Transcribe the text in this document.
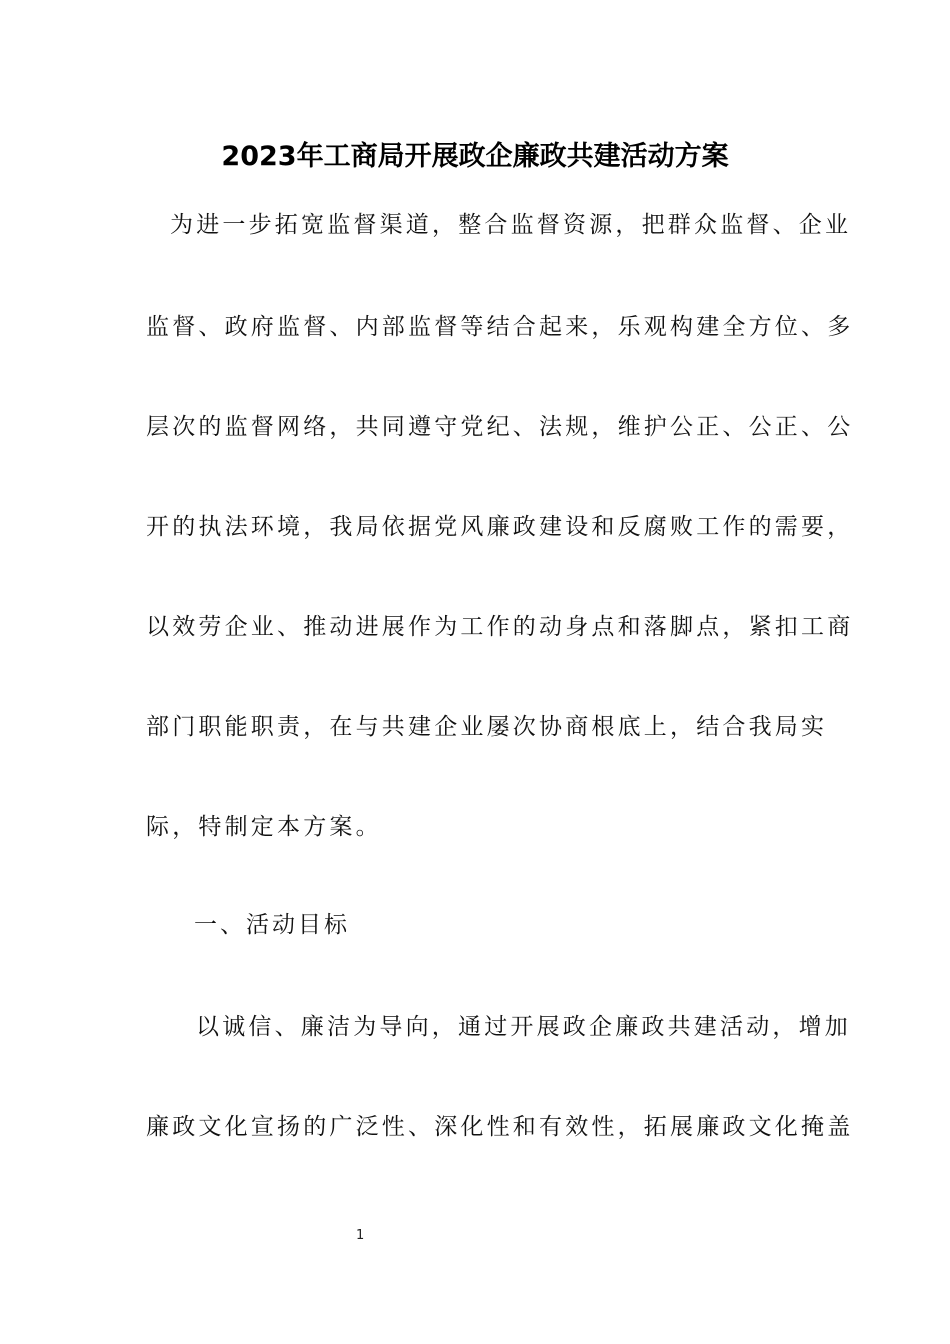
2023年工商局开展政企廉政共建活动方案
为进一步拓宽监督渠道，整合监督资源，把群众监督、企业
监督、政府监督、内部监督等结合起来，乐观构建全方位、多
层次的监督网络，共同遵守党纪、法规，维护公正、公正、公
开的执法环境，我局依据党风廉政建设和反腐败工作的需要，
以效劳企业、推动进展作为工作的动身点和落脚点，紧扣工商
部门职能职责，在与共建企业屡次协商根底上，结合我局实
际，特制定本方案。
一、活动目标
以诚信、廉洁为导向，通过开展政企廉政共建活动，增加
廉政文化宣扬的广泛性、深化性和有效性，拓展廉政文化掩盖
1
